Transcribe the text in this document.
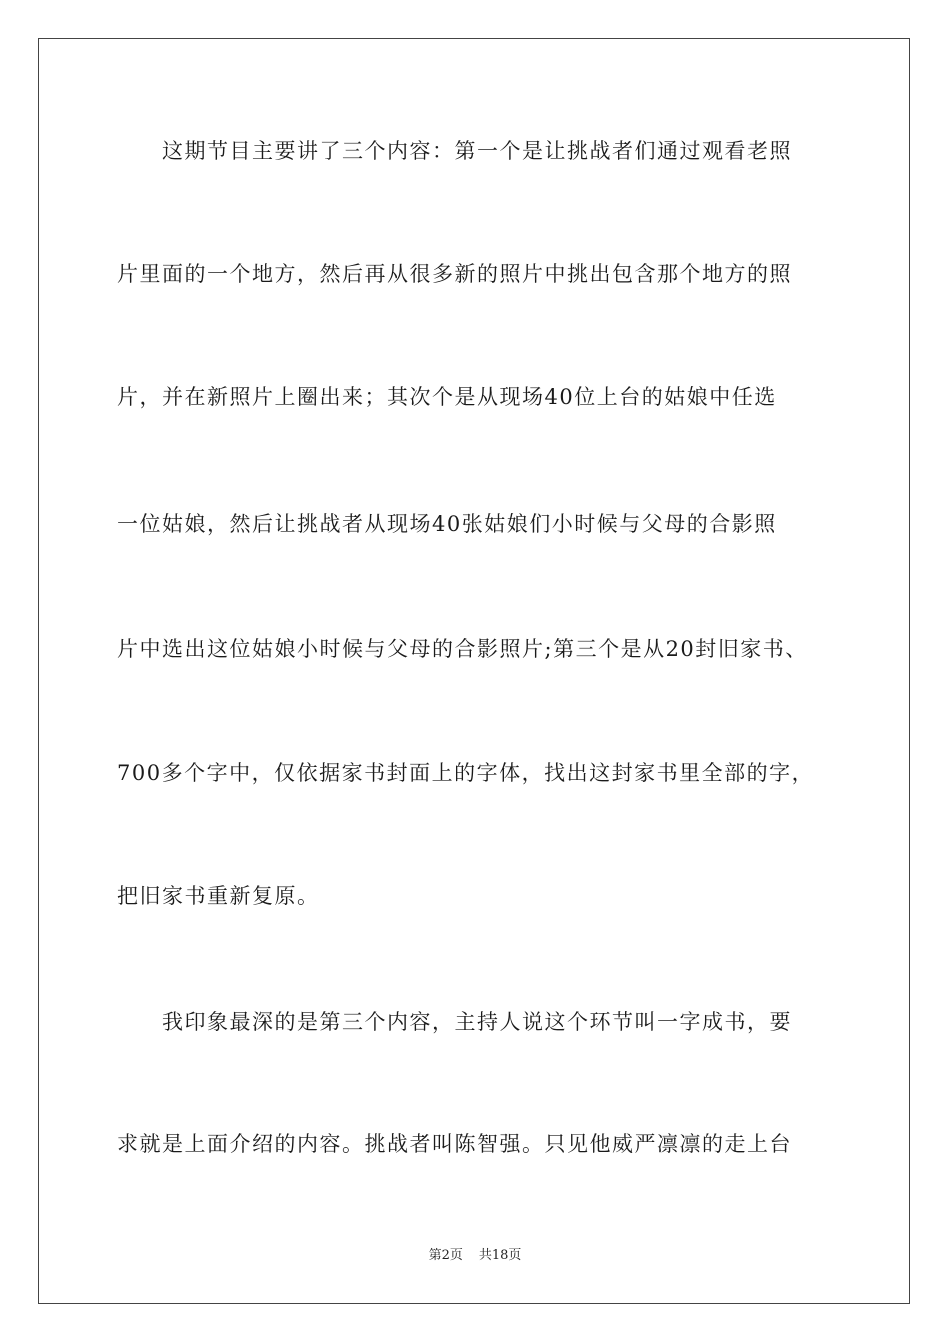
　　这期节目主要讲了三个内容：第一个是让挑战者们通过观看老照
片里面的一个地方，然后再从很多新的照片中挑出包含那个地方的照
片，并在新照片上圈出来；其次个是从现场40位上台的姑娘中任选
一位姑娘，然后让挑战者从现场40张姑娘们小时候与父母的合影照
片中选出这位姑娘小时候与父母的合影照片;第三个是从20封旧家书、
700多个字中，仅依据家书封面上的字体，找出这封家书里全部的字，
把旧家书重新复原。
　　我印象最深的是第三个内容，主持人说这个环节叫一字成书，要
求就是上面介绍的内容。挑战者叫陈智强。只见他威严凛凛的走上台
第2页 共18页
